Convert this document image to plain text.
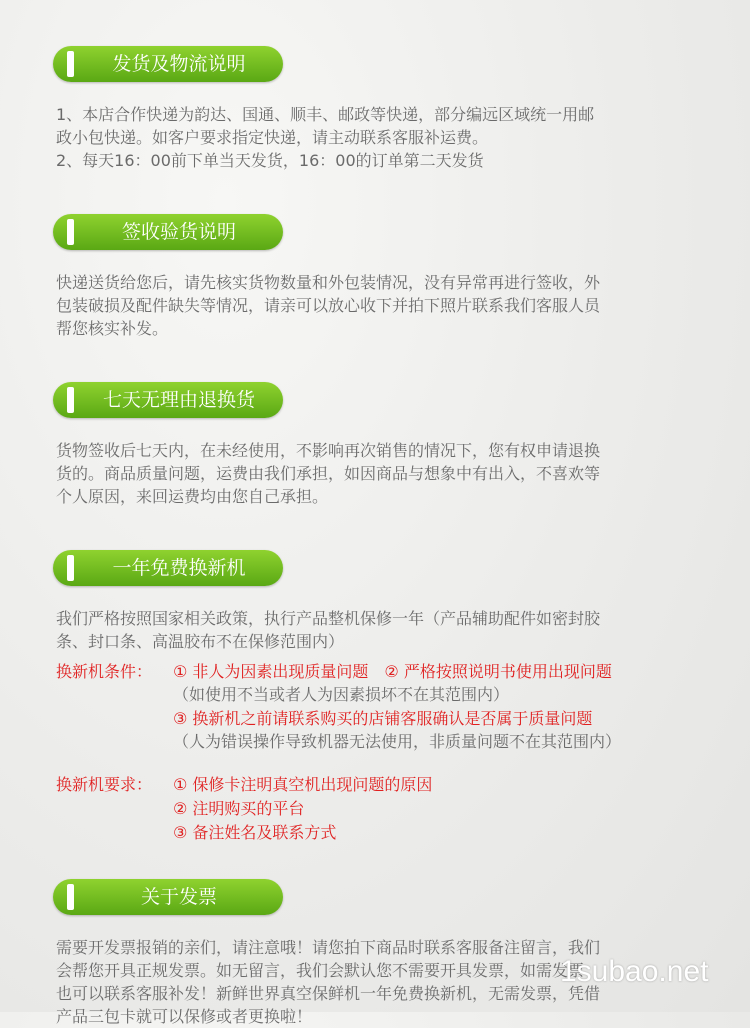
发货及物流说明

1、本店合作快递为韵达、国通、顺丰、邮政等快递，部分编远区域统一用邮

政小包快递。如客户要求指定快递，请主动联系客服补运费。

2、每天16：00前下单当天发货，16：00的订单第二天发货

签收验货说明

快递送货给您后，请先核实货物数量和外包装情况，没有异常再进行签收，外

包装破损及配件缺失等情况，请亲可以放心收下并拍下照片联系我们客服人员

帮您核实补发。

七天无理由退换货

货物签收后七天内，在未经使用，不影响再次销售的情况下，您有权申请退换

货的。商品质量问题，运费由我们承担，如因商品与想象中有出入，不喜欢等

个人原因，来回运费均由您自己承担。

一年免费换新机

我们严格按照国家相关政策，执行产品整机保修一年（产品辅助配件如密封胶

条、封口条、高温胶布不在保修范围内）

换新机条件： ① 非人为因素出现质量问题　② 严格按照说明书使用出现问题
（如使用不当或者人为因素损坏不在其范围内）
③ 换新机之前请联系购买的店铺客服确认是否属于质量问题
（人为错误操作导致机器无法使用，非质量问题不在其范围内）
换新机要求： ① 保修卡注明真空机出现问题的原因
② 注明购买的平台
③ 备注姓名及联系方式
关于发票

需要开发票报销的亲们，请注意哦！请您拍下商品时联系客服备注留言，我们

会帮您开具正规发票。如无留言，我们会默认您不需要开具发票，如需发票

也可以联系客服补发！新鲜世界真空保鲜机一年免费换新机，无需发票，凭借

产品三包卡就可以保修或者更换啦！

1subao.net
